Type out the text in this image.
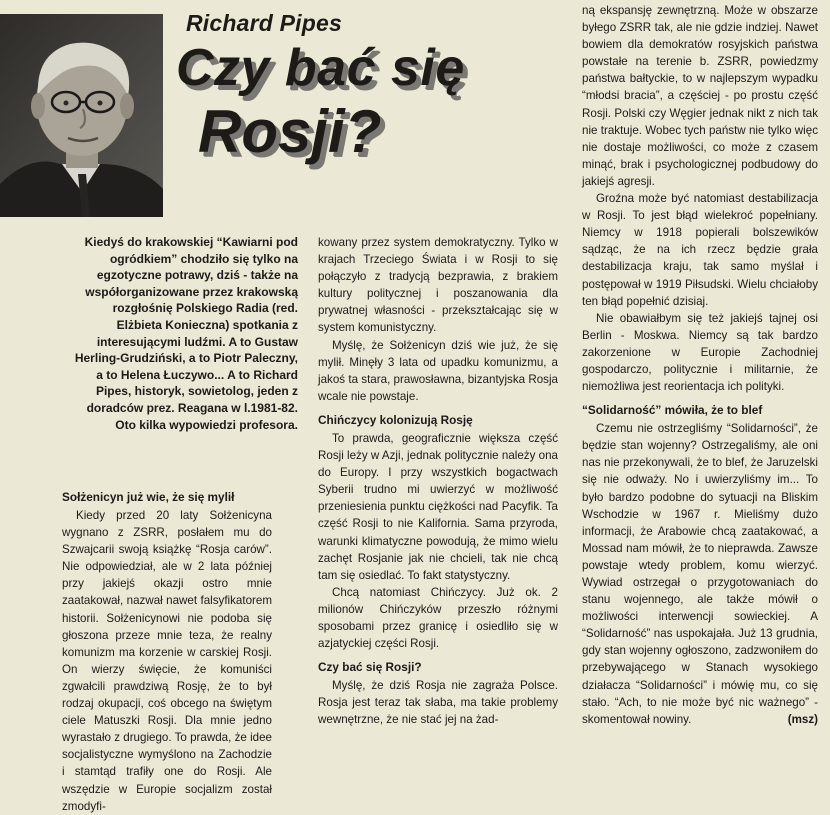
Richard Pipes
Czy bać się
Rosji?

Kiedyś do krakowskiej “Kawiarni pod ogródkiem” chodziło się tylko na egzotyczne potrawy, dziś - także na współorganizowane przez krakowską rozgłośnię Polskiego Radia (red. Elżbieta Konieczna) spotkania z interesującymi ludźmi. A to Gustaw Herling-Grudziński, a to Piotr Paleczny, a to Helena Łuczywo... A to Richard Pipes, historyk, sowietolog, jeden z doradców prez. Reagana w l.1981-82. Oto kilka wypowiedzi profesora.

Sołżenicyn już wie, że się mylił

Kiedy przed 20 laty Sołżenicyna wygnano z ZSRR, posłałem mu do Szwajcarii swoją książkę “Rosja carów”. Nie odpowiedział, ale w 2 lata później przy jakiejś okazji ostro mnie zaatakował, nazwał nawet falsyfikatorem historii. Sołżenicynowi nie podoba się głoszona przeze mnie teza, że realny komunizm ma korzenie w carskiej Rosji. On wierzy święcie, że komuniści zgwałcili prawdziwą Rosję, że to był rodzaj okupacji, coś obcego na świętym ciele Matuszki Rosji. Dla mnie jedno wyrastało z drugiego. To prawda, że idee socjalistyczne wymyślono na Zachodzie i stamtąd trafiły one do Rosji. Ale wszędzie w Europie socjalizm został zmodyfi-

kowany przez system demokratyczny. Tylko w krajach Trzeciego Świata i w Rosji to się połączyło z tradycją bezprawia, z brakiem kultury politycznej i poszanowania dla prywatnej własności - przekształcając się w system komunistyczny.

Myślę, że Sołżenicyn dziś wie już, że się mylił. Minęły 3 lata od upadku komunizmu, a jakoś ta stara, prawosławna, bizantyjska Rosja wcale nie powstaje.

Chińczycy kolonizują Rosję

To prawda, geograficznie większa część Rosji leży w Azji, jednak politycznie należy ona do Europy. I przy wszystkich bogactwach Syberii trudno mi uwierzyć w możliwość przeniesienia punktu ciężkości nad Pacyfik. Ta część Rosji to nie Kalifornia. Sama przyroda, warunki klimatyczne powodują, że mimo wielu zachęt Rosjanie jak nie chcieli, tak nie chcą tam się osiedlać. To fakt statystyczny.

Chcą natomiast Chińczycy. Już ok. 2 milionów Chińczyków przeszło różnymi sposobami przez granicę i osiedliło się w azjatyckiej części Rosji.

Czy bać się Rosji?

Myślę, że dziś Rosja nie zagraża Polsce. Rosja jest teraz tak słaba, ma takie problemy wewnętrzne, że nie stać jej na żad-

ną ekspansję zewnętrzną. Może w obszarze byłego ZSRR tak, ale nie gdzie indziej. Nawet bowiem dla demokratów rosyjskich państwa powstałe na terenie b. ZSRR, powiedzmy państwa bałtyckie, to w najlepszym wypadku “młodsi bracia”, a częściej - po prostu część Rosji. Polski czy Węgier jednak nikt z nich tak nie traktuje. Wobec tych państw nie tylko więc nie dostaje możliwości, co może z czasem minąć, brak i psychologicznej podbudowy do jakiejś agresji.

Groźna może być natomiast destabilizacja w Rosji. To jest błąd wielekroć popełniany. Niemcy w 1918 popierali bolszewików sądząc, że na ich rzecz będzie grała destabilizacja kraju, tak samo myślał i postępował w 1919 Piłsudski. Wielu chciałoby ten błąd popełnić dzisiaj.

Nie obawiałbym się też jakiejś tajnej osi Berlin - Moskwa. Niemcy są tak bardzo zakorzenione w Europie Zachodniej gospodarczo, politycznie i militarnie, że niemożliwa jest reorientacja ich polityki.

“Solidarność” mówiła, że to blef

Czemu nie ostrzegliśmy “Solidarności”, że będzie stan wojenny? Ostrzegaliśmy, ale oni nas nie przekonywali, że to blef, że Jaruzelski się nie odważy. No i uwierzyliśmy im... To było bardzo podobne do sytuacji na Bliskim Wschodzie w 1967 r. Mieliśmy dużo informacji, że Arabowie chcą zaatakować, a Mossad nam mówił, że to nieprawda. Zawsze powstaje wtedy problem, komu wierzyć. Wywiad ostrzegał o przygotowaniach do stanu wojennego, ale także mówił o możliwości interwencji sowieckiej. A “Solidarność” nas uspokajała. Już 13 grudnia, gdy stan wojenny ogłoszono, zadzwoniłem do przebywającego w Stanach wysokiego działacza “Solidarności” i mówię mu, co się stało. “Ach, to nie może być nic ważnego” - skomentował nowiny.	(msz)
